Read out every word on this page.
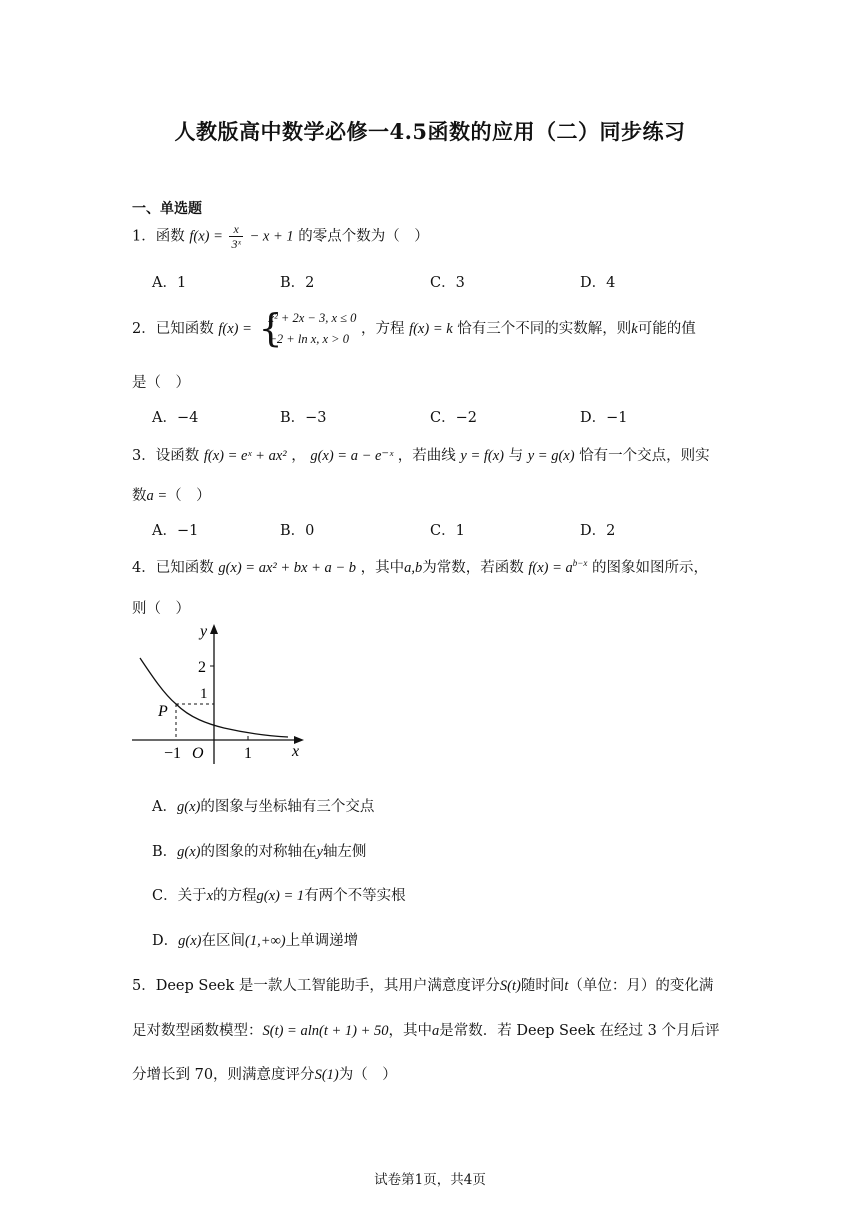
人教版高中数学必修一4.5函数的应用（二）同步练习
一、单选题
1．函数 $f(x) = \frac{x}{\text{3ˣ}} - x + 1$ 的零点个数为（　）
A．1	B．2	C．3	D．4
2．已知函数 f(x) = {
x² + 2x − 3, x ≤ 0
−2 + ln x, x > 0
，方程 f(x) = k 恰有三个不同的实数解，则k可能的值
是（　）
A．−4	B．−3	C．−2	D．−1
3．设函数 f(x) = eˣ + ax² ， g(x) = a − e⁻ˣ ，若曲线 y = f(x) 与 y = g(x) 恰有一个交点，则实
数a =（　）
A．−1	B．0	C．1	D．2
4．已知函数 g(x) = ax² + bx + a − b ，其中a,b为常数，若函数 $f(x) = a^{b-x}$ 的图象如图所示，
则（　）
y
x
O
2
1
−1	1
P
A．g(x)的图象与坐标轴有三个交点
B．g(x)的图象的对称轴在y轴左侧
C．关于x的方程g(x) = 1有两个不等实根
D．g(x)在区间(1,+∞)上单调递增
5．Deep Seek 是一款人工智能助手，其用户满意度评分S(t)随时间t（单位：月）的变化满
足对数型函数模型：S(t) = aln(t + 1) + 50，其中a是常数．若 Deep Seek 在经过 3 个月后评
分增长到 70，则满意度评分S(1)为（　）
试卷第1页，共4页
